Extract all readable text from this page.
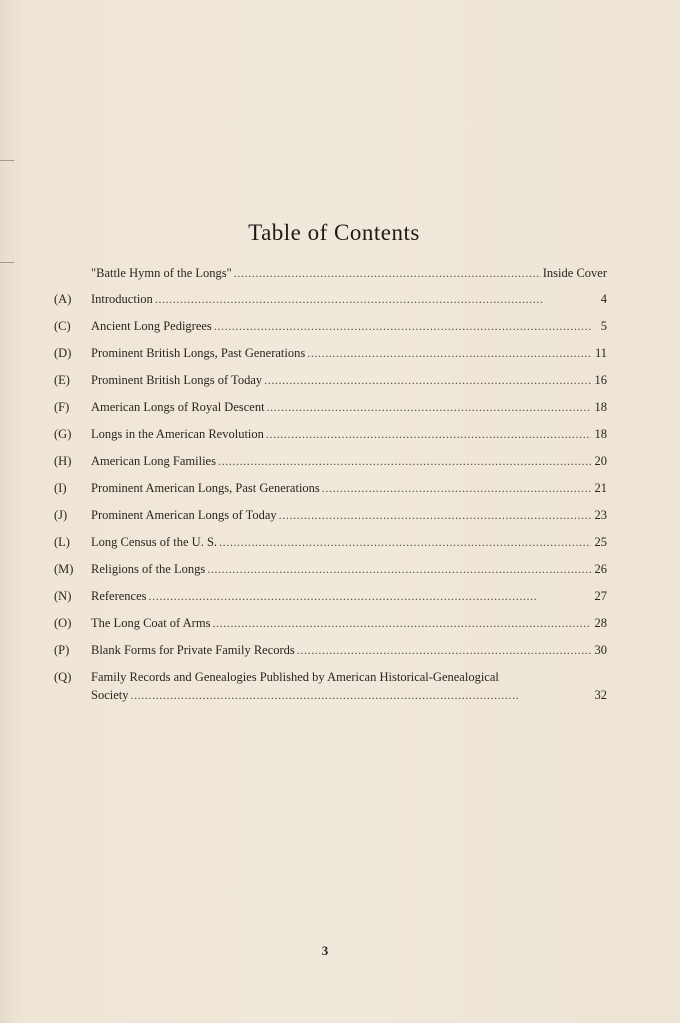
Table of Contents
"Battle Hymn of the Longs" . . .	Inside Cover
(A)	Introduction . . .	4
(C)	Ancient Long Pedigrees . . .	5
(D)	Prominent British Longs, Past Generations . . .	11
(E)	Prominent British Longs of Today . . .	16
(F)	American Longs of Royal Descent . . .	18
(G)	Longs in the American Revolution . . .	18
(H)	American Long Families . . .	20
(I)	Prominent American Longs, Past Generations . . .	21
(J)	Prominent American Longs of Today . . .	23
(L)	Long Census of the U. S. . . .	25
(M)	Religions of the Longs . . .	26
(N)	References . . .	27
(O)	The Long Coat of Arms . . .	28
(P)	Blank Forms for Private Family Records . . .	30
(Q)	Family Records and Genealogies Published by American Historical-Genealogical
Society . . .	32
3
